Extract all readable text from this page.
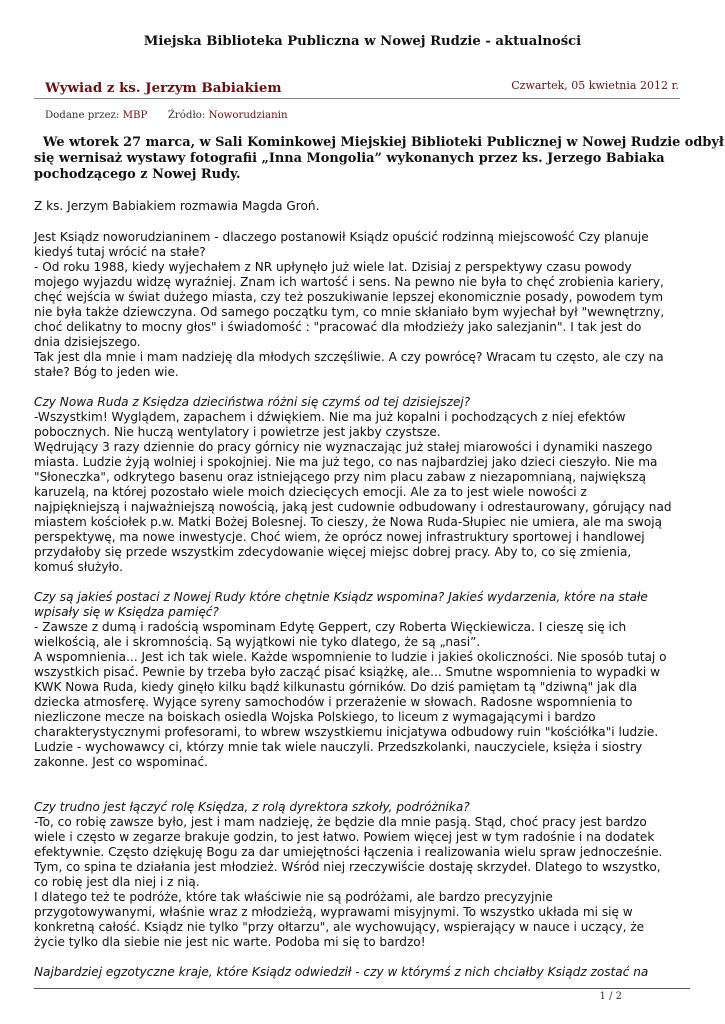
Miejska Biblioteka Publiczna w Nowej Rudzie - aktualności
Wywiad z ks. Jerzym Babiakiem	Czwartek, 05 kwietnia 2012 r.
Dodane przez: MBP Źródło: Noworudzianin
We wtorek 27 marca, w Sali Kominkowej Miejskiej Biblioteki Publicznej w Nowej Rudzie odbył
się wernisaż wystawy fotografii „Inna Mongolia” wykonanych przez ks. Jerzego Babiaka
pochodzącego z Nowej Rudy.
Z ks. Jerzym Babiakiem rozmawia Magda Groń.
Jest Ksiądz noworudzianinem - dlaczego postanowił Ksiądz opuścić rodzinną miejscowość Czy planuje
kiedyś tutaj wrócić na stałe?
- Od roku 1988, kiedy wyjechałem z NR upłynęło już wiele lat. Dzisiaj z perspektywy czasu powody
mojego wyjazdu widzę wyraźniej. Znam ich wartość i sens. Na pewno nie była to chęć zrobienia kariery,
chęć wejścia w świat dużego miasta, czy też poszukiwanie lepszej ekonomicznie posady, powodem tym
nie była także dziewczyna. Od samego początku tym, co mnie skłaniało bym wyjechał był "wewnętrzny,
choć delikatny to mocny głos" i świadomość : "pracować dla młodzieży jako salezjanin". I tak jest do
dnia dzisiejszego.
Tak jest dla mnie i mam nadzieję dla młodych szczęśliwie. A czy powrócę? Wracam tu często, ale czy na
stałe? Bóg to jeden wie.
Czy Nowa Ruda z Księdza dzieciństwa różni się czymś od tej dzisiejszej?
-Wszystkim! Wyglądem, zapachem i dźwiękiem. Nie ma już kopalni i pochodzących z niej efektów
pobocznych. Nie huczą wentylatory i powietrze jest jakby czystsze.
Wędrujący 3 razy dziennie do pracy górnicy nie wyznaczając już stałej miarowości i dynamiki naszego
miasta. Ludzie żyją wolniej i spokojniej. Nie ma już tego, co nas najbardziej jako dzieci cieszyło. Nie ma
"Słoneczka", odkrytego basenu oraz istniejącego przy nim placu zabaw z niezapomnianą, największą
karuzelą, na której pozostało wiele moich dziecięcych emocji. Ale za to jest wiele nowości z
najpiękniejszą i najważniejszą nowością, jaką jest cudownie odbudowany i odrestaurowany, górujący nad
miastem kościołek p.w. Matki Bożej Bolesnej. To cieszy, że Nowa Ruda-Słupiec nie umiera, ale ma swoją
perspektywę, ma nowe inwestycje. Choć wiem, że oprócz nowej infrastruktury sportowej i handlowej
przydałoby się przede wszystkim zdecydowanie więcej miejsc dobrej pracy. Aby to, co się zmienia,
komuś służyło.
Czy są jakieś postaci z Nowej Rudy które chętnie Ksiądz wspomina? Jakieś wydarzenia, które na stałe
wpisały się w Księdza pamięć?
- Zawsze z dumą i radością wspominam Edytę Geppert, czy Roberta Więckiewicza. I cieszę się ich
wielkością, ale i skromnością. Są wyjątkowi nie tyko dlatego, że są „nasi”.
A wspomnienia... Jest ich tak wiele. Każde wspomnienie to ludzie i jakieś okoliczności. Nie sposób tutaj o
wszystkich pisać. Pewnie by trzeba było zacząć pisać książkę, ale... Smutne wspomnienia to wypadki w
KWK Nowa Ruda, kiedy ginęło kilku bądź kilkunastu górników. Do dziś pamiętam tą "dziwną" jak dla
dziecka atmosferę. Wyjące syreny samochodów i przerażenie w słowach. Radosne wspomnienia to
niezliczone mecze na boiskach osiedla Wojska Polskiego, to liceum z wymagającymi i bardzo
charakterystycznymi profesorami, to wbrew wszystkiemu inicjatywa odbudowy ruin "kościółka"i ludzie.
Ludzie - wychowawcy ci, którzy mnie tak wiele nauczyli. Przedszkolanki, nauczyciele, księża i siostry
zakonne. Jest co wspominać.
Czy trudno jest łączyć rolę Księdza, z rolą dyrektora szkoły, podróżnika?
-To, co robię zawsze było, jest i mam nadzieję, że będzie dla mnie pasją. Stąd, choć pracy jest bardzo
wiele i często w zegarze brakuje godzin, to jest łatwo. Powiem więcej jest w tym radośnie i na dodatek
efektywnie. Często dziękuję Bogu za dar umiejętności łączenia i realizowania wielu spraw jednocześnie.
Tym, co spina te działania jest młodzież. Wśród niej rzeczywiście dostaję skrzydeł. Dlatego to wszystko,
co robię jest dla niej i z nią.
I dlatego też te podróże, które tak właściwie nie są podróżami, ale bardzo precyzyjnie
przygotowywanymi, właśnie wraz z młodzieżą, wyprawami misyjnymi. To wszystko układa mi się w
konkretną całość. Ksiądz nie tylko "przy ołtarzu", ale wychowujący, wspierający w nauce i uczący, że
życie tylko dla siebie nie jest nic warte. Podoba mi się to bardzo!
Najbardziej egzotyczne kraje, które Ksiądz odwiedził - czy w którymś z nich chciałby Ksiądz zostać na
1 / 2
